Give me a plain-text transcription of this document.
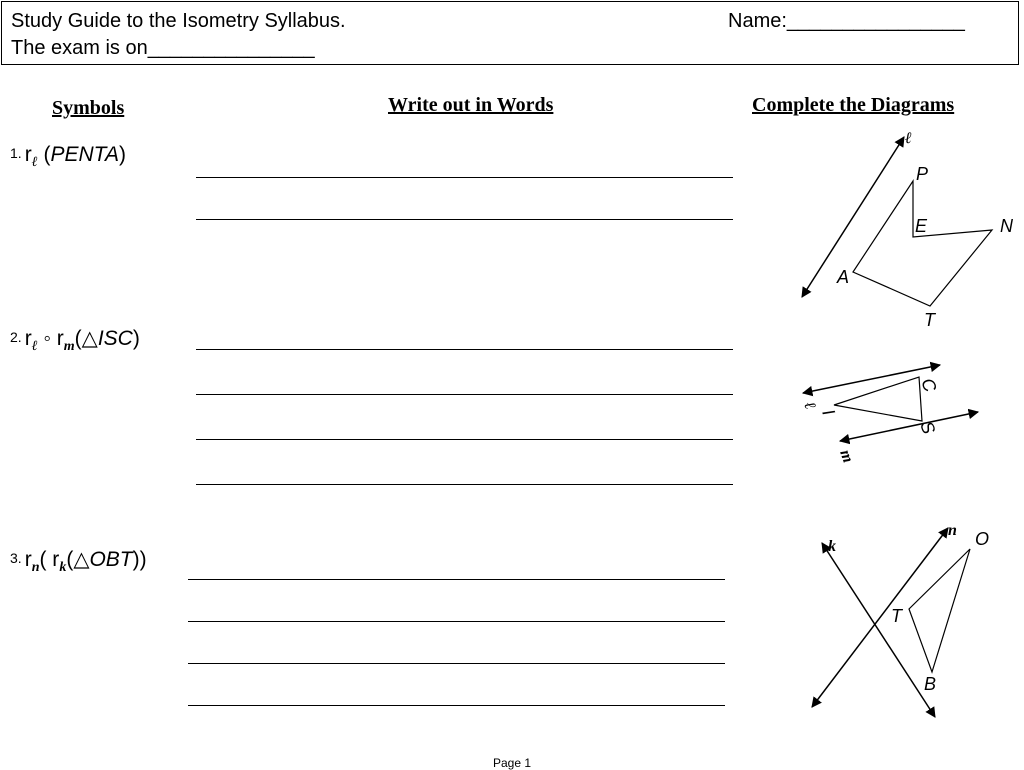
Study Guide to the Isometry Syllabus.	Name:________________
The exam is on_______________
Symbols	Write out in Words	Complete the Diagrams
1. $r_\ell$ (PENTA)
2. $r_\ell$ ◦ $r_m(\triangle ISC)$
3. $r_n$( $r_k(\triangle OBT)$)
ℓ
P
E	N
A
T
C
I
S
ℓ
m
k
n O
T
B
Page 1
